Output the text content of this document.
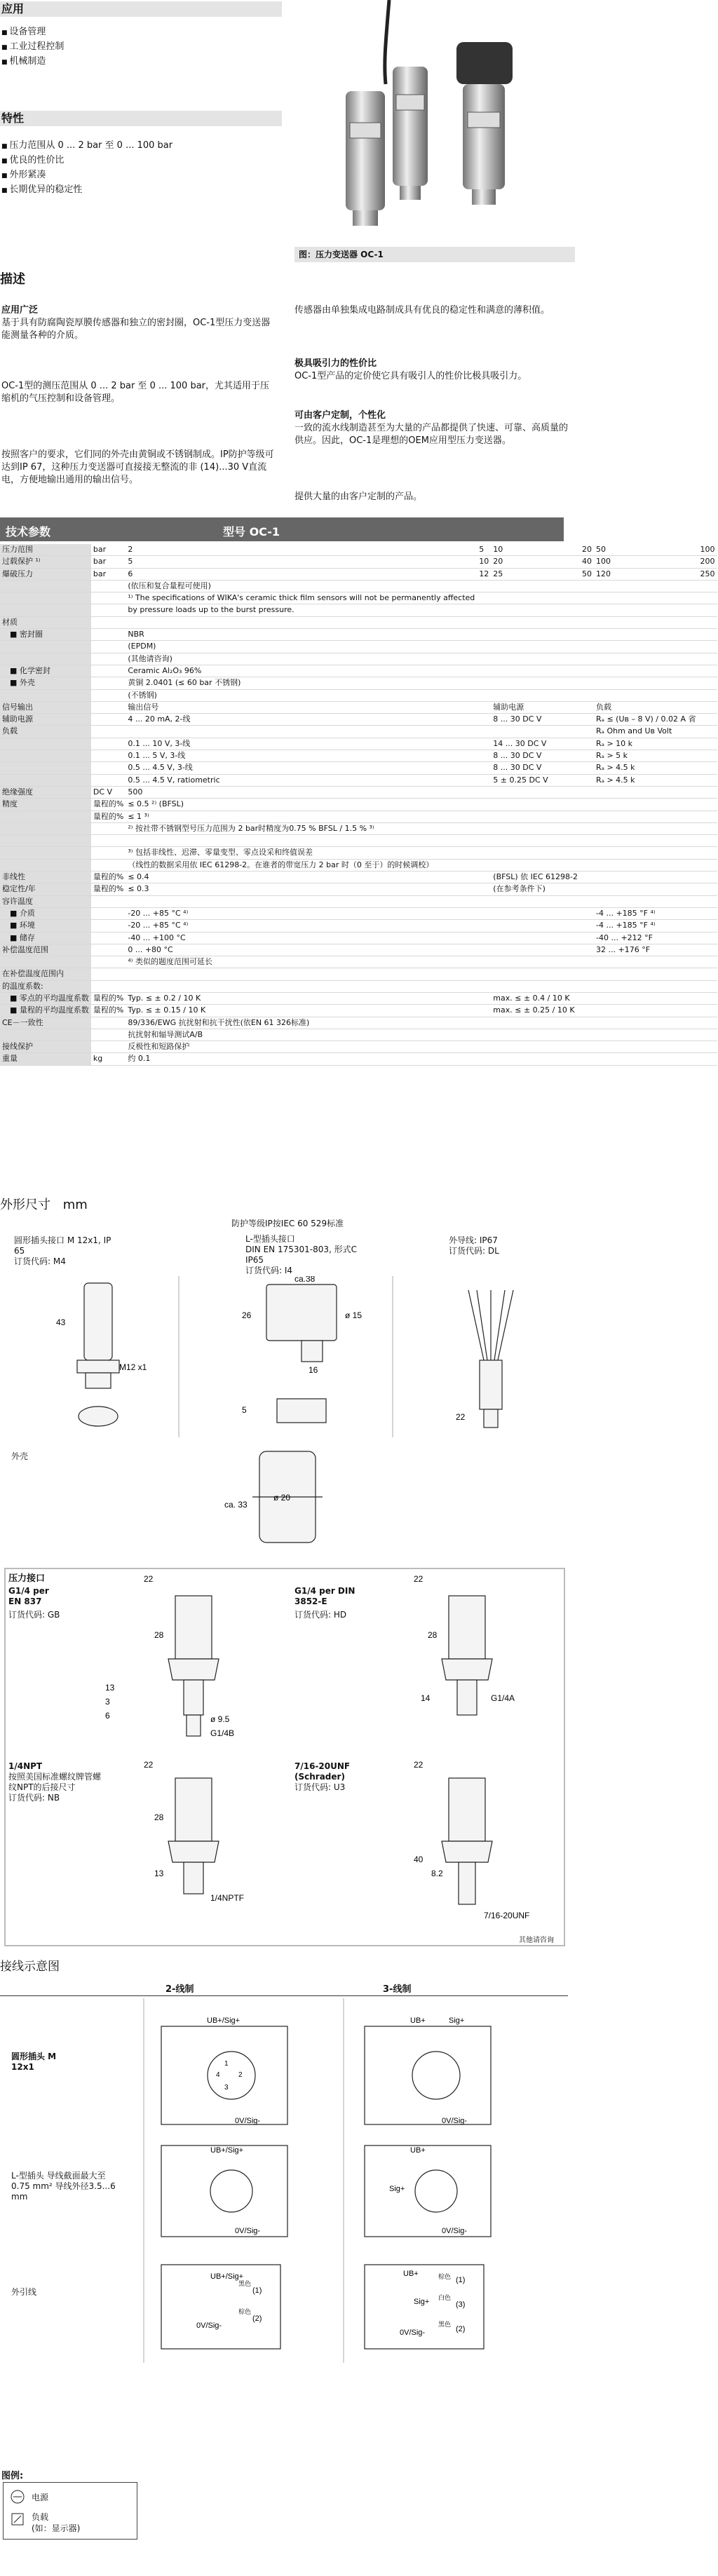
应用
■ 设备管理
■ 工业过程控制
■ 机械制造
特性
■ 压力范围从 0 ... 2 bar 至 0 ... 100 bar
■ 优良的性价比
■ 外形紧凑
■ 长期优异的稳定性
图：压力变送器 OC-1
描述
应用广泛
基于具有防腐陶瓷厚膜传感器和独立的密封圈，OC-1型压力变送器能测量各种的介质。
OC-1型的测压范围从 0 ... 2 bar 至 0 ... 100 bar，尤其适用于压缩机的气压控制和设备管理。
按照客户的要求，它们同的外壳由黄铜或不锈钢制成。IP防护等级可达到IP 67，这种压力变送器可直接接无整流的非 (14)...30 V直流电，方便地输出通用的输出信号。
传感器由单独集成电路制成具有优良的稳定性和满意的薄积值。
极具吸引力的性价比
OC-1型产品的定价使它具有吸引人的性价比极具吸引力。
可由客户定制，个性化
一致的流水线制造甚至为大量的产品都提供了快速、可靠、高质量的供应。因此，OC-1是理想的OEM应用型压力变送器。
提供大量的由客户定制的产品。
技术参数	型号 OC-1
压力范围	bar	2	5	10	20	50	100
过载保护 ¹⁾	bar	5	10	20	40	100	200
爆破压力	bar	6	12	25	50	120	250
		(依压和复合量程可使用)					
		¹⁾ The specifications of WIKA's ceramic thick film sensors will not be permanently affected					
		by pressure loads up to the burst pressure.					
材质							
■ 密封圈		NBR					
		(EPDM)					
		(其他请咨询)					
■ 化学密封		Ceramic Al₂O₃ 96%					
■ 外壳		黄铜 2.0401 (≤ 60 bar 不锈钢)					
		(不锈钢)					
信号输出		输出信号		辅助电源		负载	
辅助电源		4 ... 20 mA, 2-线		8 ... 30 DC V		Rₐ ≤ (Uв – 8 V) / 0.02 A 省	
负载						Rₐ Ohm and Uв Volt	
		0.1 ... 10 V, 3-线		14 ... 30 DC V		Rₐ > 10 k	
		0.1 ... 5 V, 3-线		8 ... 30 DC V		Rₐ > 5 k	
		0.5 ... 4.5 V, 3-线		8 ... 30 DC V		Rₐ > 4.5 k	
		0.5 ... 4.5 V, ratiometric		5 ± 0.25 DC V		Rₐ > 4.5 k	
绝缘强度	DC V	500					
精度	量程的%	≤ 0.5 ²⁾ (BFSL)					
	量程的%	≤ 1 ³⁾					
		²⁾ 按社带不锈钢型号压力范围为 2 bar时精度为0.75 % BFSL / 1.5 % ³⁾					

		³⁾ 包括非线性、迟滞、零量变型、零点设采和终值误差					
		（线性的数据采用依 IEC 61298-2。在谁者的带宽压力 2 bar 时（0 至于）的时候调校）					
非线性	量程的%	≤ 0.4		(BFSL) 依 IEC 61298-2			
稳定性/年	量程的%	≤ 0.3		(在参考条件下)			
容许温度							
■ 介质		-20 ... +85 °C ⁴⁾				-4 ... +185 °F ⁴⁾	
■ 环境		-20 ... +85 °C ⁴⁾				-4 ... +185 °F ⁴⁾	
■ 储存		-40 ... +100 °C				-40 ... +212 °F	
补偿温度范围		0 ... +80 °C				32 ... +176 °F	
		⁴⁾ 类似的题度范围可延长					
在补偿温度范围内							
的温度系数:							
■ 零点的平均温度系数	量程的%	Typ. ≤ ± 0.2 / 10 K		max. ≤ ± 0.4 / 10 K			
■ 量程的平均温度系数	量程的%	Typ. ≤ ± 0.15 / 10 K		max. ≤ ± 0.25 / 10 K			
CE－一致性		89/336/EWG 抗扰射和抗干扰性(依EN 61 326标准)					
		抗扰射和辐导测试A/B					
接线保护		反极性和短路保护					
重量	kg	约 0.1					
外形尺寸 mm
圆形插头接口 M 12x1, IP 65
订货代码: M4
防护等级IP按IEC 60 529标准
L-型插头接口
DIN EN 175301-803, 形式C
IP65
订货代码: I4
外导线: IP67
订货代码: DL
43
M12 x1
ca.38
26	ø 15
16
5
22
外壳
ø 20
ca. 33
压力接口
G1/4 per EN 837
订货代码: GB
G1/4 per DIN 3852-E
订货代码: HD
1/4NPT
按照美国标准螺纹牌管螺纹NPT的后接尺寸
订货代码: NB
7/16-20UNF (Schrader)
订货代码: U3
其他请咨询
22
28
13
3
6	ø 9.5
G1/4B
22
28
14	G1/4A
22
28
13
1/4NPTF
22
40
8.2
7/16-20UNF
接线示意图
2-线制	3-线制
圆形插头 M 12x1
L-型插头 导线截面最大至0.75 mm² 导线外径3.5...6 mm
外引线
UB+/Sig+
0V/Sig-
UB+	Sig+
0V/Sig-
1
2
3
4
UB+/Sig+
0V/Sig-
UB+
Sig+
0V/Sig-
UB+/Sig+
0V/Sig-
(1)
(2)
UB+
Sig+
0V/Sig-
(1)
(3)
(2)
黑色
棕色
棕色
白色
黑色
图例:
电源
负载
(如：显示器)
